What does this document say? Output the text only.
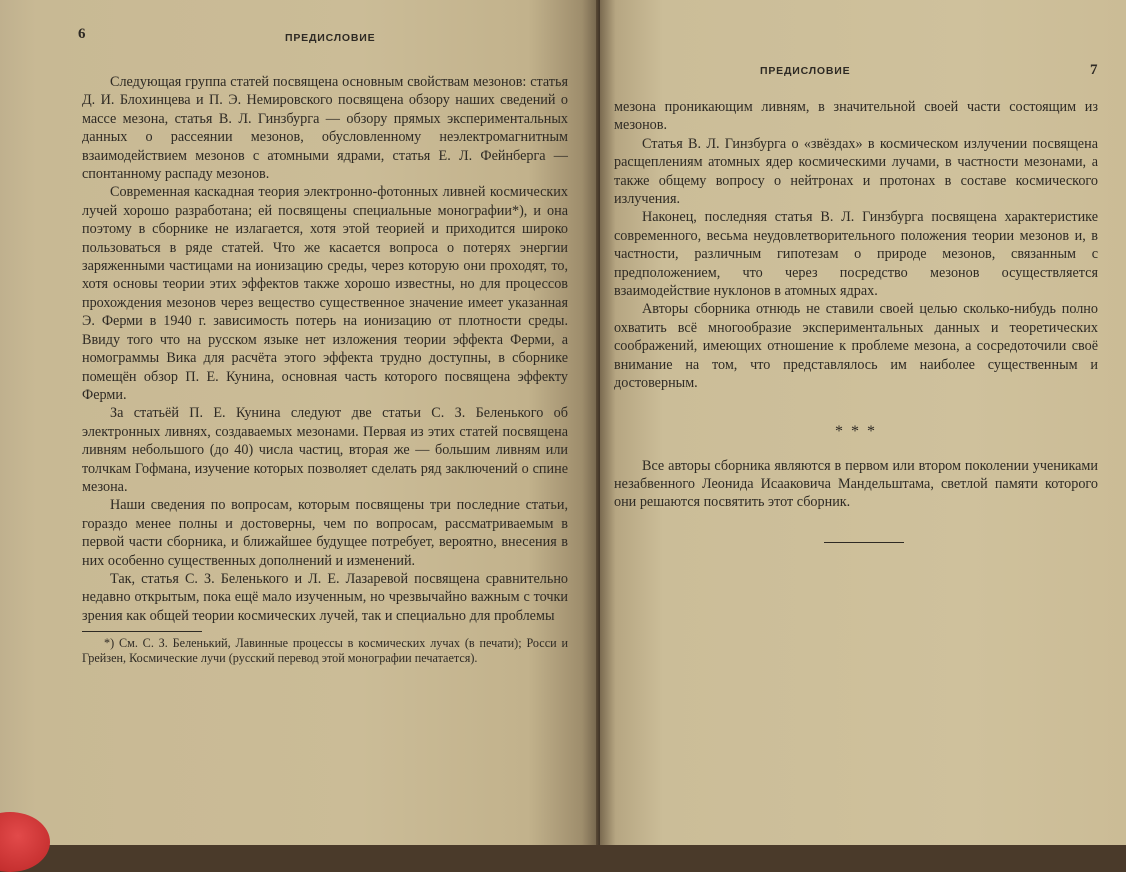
6	ПРЕДИСЛОВИЕ

Следующая группа статей посвящена основным свойствам мезонов: статья Д. И. Блохинцева и П. Э. Немировского посвящена обзору наших сведений о массе мезона, статья В. Л. Гинзбурга — обзору прямых экспериментальных данных о рассеянии мезонов, обусловленному неэлектромагнитным взаимодействием мезонов с атомными ядрами, статья Е. Л. Фейнберга — спонтанному распаду мезонов.

Современная каскадная теория электронно-фотонных ливней космических лучей хорошо разработана; ей посвящены специальные монографии*), и она поэтому в сборнике не излагается, хотя этой теорией и приходится широко пользоваться в ряде статей. Что же касается вопроса о потерях энергии заряженными частицами на ионизацию среды, через которую они проходят, то, хотя основы теории этих эффектов также хорошо известны, но для процессов прохождения мезонов через вещество существенное значение имеет указанная Э. Ферми в 1940 г. зависимость потерь на ионизацию от плотности среды. Ввиду того что на русском языке нет изложения теории эффекта Ферми, а номограммы Вика для расчёта этого эффекта трудно доступны, в сборнике помещён обзор П. Е. Кунина, основная часть которого посвящена эффекту Ферми.

За статьёй П. Е. Кунина следуют две статьи С. З. Беленького об электронных ливнях, создаваемых мезонами. Первая из этих статей посвящена ливням небольшого (до 40) числа частиц, вторая же — большим ливням или толчкам Гофмана, изучение которых позволяет сделать ряд заключений о спине мезона.

Наши сведения по вопросам, которым посвящены три последние статьи, гораздо менее полны и достоверны, чем по вопросам, рассматриваемым в первой части сборника, и ближайшее будущее потребует, вероятно, внесения в них особенно существенных дополнений и изменений.

Так, статья С. З. Беленького и Л. Е. Лазаревой посвящена сравнительно недавно открытым, пока ещё мало изученным, но чрезвычайно важным с точки зрения как общей теории космических лучей, так и специально для проблемы

*) См. С. З. Беленький, Лавинные процессы в космических лучах (в печати); Росси и Грейзен, Космические лучи (русский перевод этой монографии печатается).

ПРЕДИСЛОВИЕ	7

мезона проникающим ливням, в значительной своей части состоящим из мезонов.

Статья В. Л. Гинзбурга о «звёздах» в космическом излучении посвящена расщеплениям атомных ядер космическими лучами, в частности мезонами, а также общему вопросу о нейтронах и протонах в составе космического излучения.

Наконец, последняя статья В. Л. Гинзбурга посвящена характеристике современного, весьма неудовлетворительного положения теории мезонов и, в частности, различным гипотезам о природе мезонов, связанным с предположением, что через посредство мезонов осуществляется взаимодействие нуклонов в атомных ядрах.

Авторы сборника отнюдь не ставили своей целью сколько-нибудь полно охватить всё многообразие экспериментальных данных и теоретических соображений, имеющих отношение к проблеме мезона, а сосредоточили своё внимание на том, что представлялось им наиболее существенным и достоверным.

* * *

Все авторы сборника являются в первом или втором поколении учениками незабвенного Леонида Исааковича Мандельштама, светлой памяти которого они решаются посвятить этот сборник.
